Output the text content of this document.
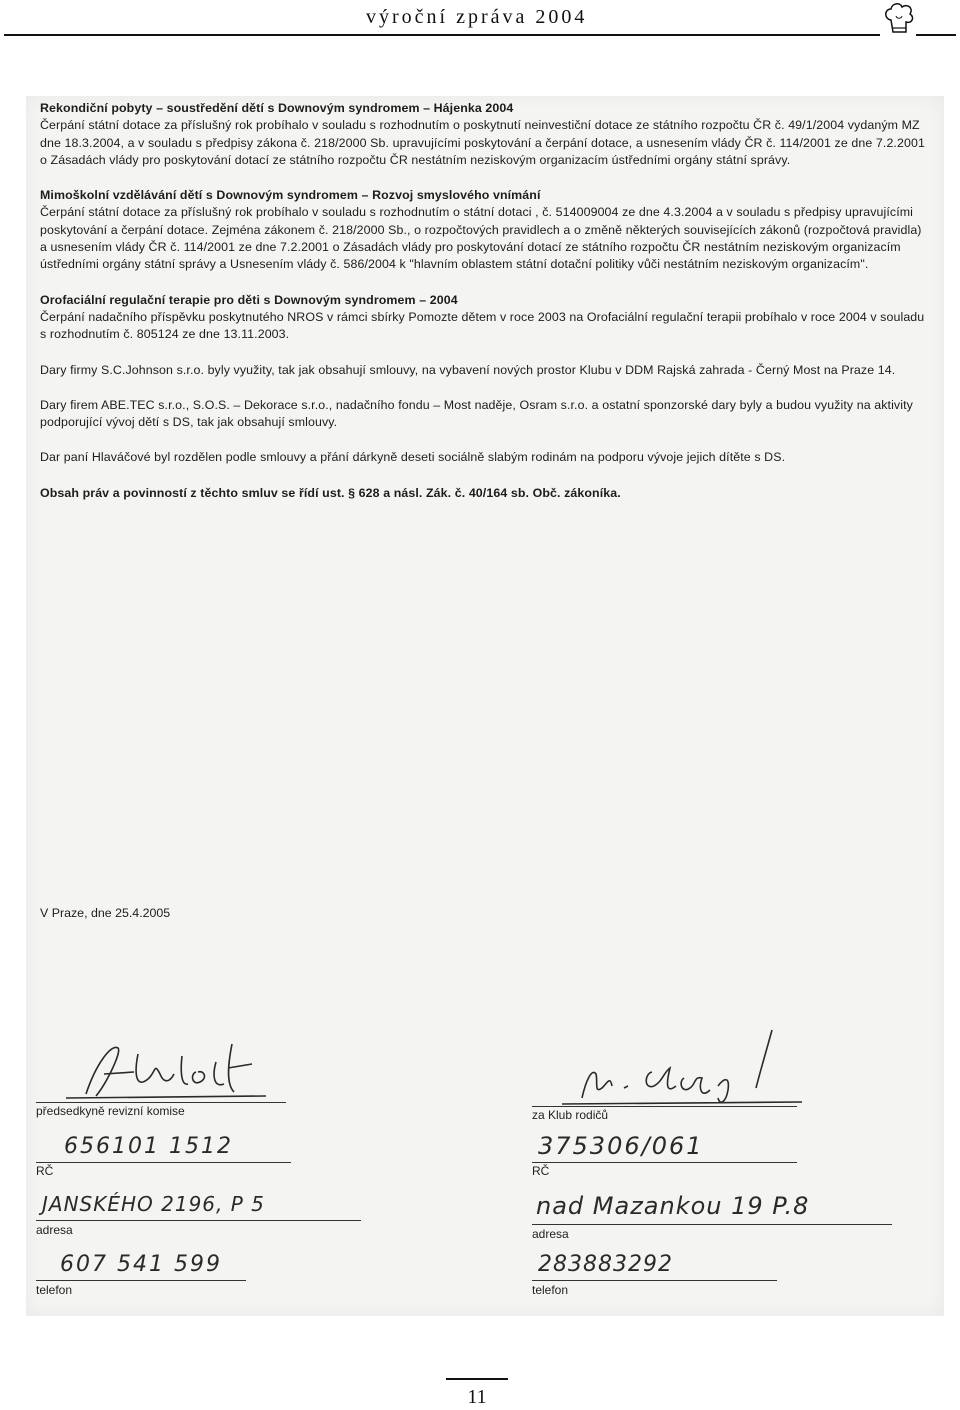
výroční zpráva 2004

Rekondiční pobyty – soustředění dětí s Downovým syndromem – Hájenka 2004
Čerpání státní dotace za příslušný rok probíhalo v souladu s rozhodnutím o poskytnutí neinvestiční dotace ze státního rozpočtu ČR č. 49/1/2004 vydaným MZ dne 18.3.2004, a v souladu s předpisy zákona č. 218/2000 Sb. upravujícími poskytování a čerpání dotace, a usnesením vlády ČR č. 114/2001 ze dne 7.2.2001 o Zásadách vlády pro poskytování dotací ze státního rozpočtu ČR nestátním neziskovým organizacím ústředními orgány státní správy.

Mimoškolní vzdělávání dětí s Downovým syndromem – Rozvoj smyslového vnímání
Čerpání státní dotace za příslušný rok probíhalo v souladu s rozhodnutím o státní dotaci , č. 514009004 ze dne 4.3.2004 a v souladu s předpisy upravujícími poskytování a čerpání dotace. Zejména zákonem č. 218/2000 Sb., o rozpočtových pravidlech a o změně některých souvisejících zákonů (rozpočtová pravidla) a usnesením vlády ČR č. 114/2001 ze dne 7.2.2001 o Zásadách vlády pro poskytování dotací ze státního rozpočtu ČR nestátním neziskovým organizacím ústředními orgány státní správy a Usnesením vlády č. 586/2004 k "hlavním oblastem státní dotační politiky vůči nestátním neziskovým organizacím".

Orofaciální regulační terapie pro děti s Downovým syndromem – 2004
Čerpání nadačního příspěvku poskytnutého NROS v rámci sbírky Pomozte dětem v roce 2003 na Orofaciální regulační terapii probíhalo v roce 2004 v souladu s rozhodnutím č. 805124 ze dne 13.11.2003.

Dary firmy S.C.Johnson s.r.o. byly využity, tak jak obsahují smlouvy, na vybavení nových prostor Klubu v DDM Rajská zahrada - Černý Most na Praze 14.

Dary firem ABE.TEC s.r.o., S.O.S. – Dekorace s.r.o., nadačního fondu – Most naděje, Osram s.r.o. a ostatní sponzorské dary byly a budou využity na aktivity podporující vývoj dětí s DS, tak jak obsahují smlouvy.

Dar paní Hlaváčové byl rozdělen podle smlouvy a přání dárkyně deseti sociálně slabým rodinám na podporu vývoje jejich dítěte s DS.

Obsah práv a povinností z těchto smluv se řídí ust. § 628 a násl. Zák. č. 40/164 sb. Obč. zákoníka.

V Praze, dne 25.4.2005
předsedkyně revizní komise
656101 1512
RČ
JANSKÉHO 2196, P 5
adresa
607 541 599
telefon
za Klub rodičů
375306/061
RČ
nad Mazankou 19 P.8
adresa
283883292
telefon
11
